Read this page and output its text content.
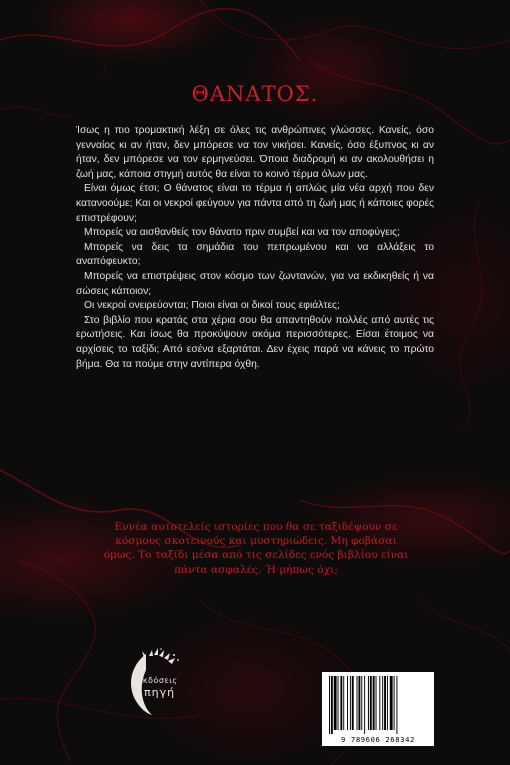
ΘΑΝΑΤΟΣ.

Ίσως η πιο τρομακτική λέξη σε όλες τις ανθρώπινες γλώσσες. Κανείς, όσο γενναίος κι αν ήταν, δεν μπόρεσε να τον νικήσει. Κανείς, όσο έξυπνος κι αν ήταν, δεν μπόρεσε να τον ερμηνεύσει. Όποια διαδρομή κι αν ακολουθήσει η ζωή μας, κάποια στιγμή αυτός θα είναι το κοινό τέρμα όλων μας.

Είναι όμως έτσι; Ο θάνατος είναι το τέρμα ή απλώς μία νέα αρχή που δεν κατανοούμε; Και οι νεκροί φεύγουν για πάντα από τη ζωή μας ή κάποιες φορές επιστρέφουν;

Μπορείς να αισθανθείς τον θάνατο πριν συμβεί και να τον αποφύγεις;

Μπορείς να δεις τα σημάδια του πεπρωμένου και να αλλάξεις το αναπόφευκτο;

Μπορείς να επιστρέψεις στον κόσμο των ζωντανών, για να εκδικηθείς ή να σώσεις κάποιον;

Οι νεκροί ονειρεύονται; Ποιοι είναι οι δικοί τους εφιάλτες;

Στο βιβλίο που κρατάς στα χέρια σου θα απαντηθούν πολλές από αυτές τις ερωτήσεις. Και ίσως θα προκύψουν ακόμα περισσότερες. Είσαι έτοιμος να αρχίσεις το ταξίδι; Από εσένα εξαρτάται. Δεν έχεις παρά να κάνεις το πρώτο βήμα. Θα τα πούμε στην αντίπερα όχθη.

Εννέα αυτοτελείς ιστορίες που θα σε ταξιδέψουν σε κόσμους σκοτεινούς και μυστηριώδεις. Μη φοβάσαι όμως. Το ταξίδι μέσα από τις σελίδες ενός βιβλίου είναι πάντα ασφαλές. Ή μήπως όχι;
εκδόσεις
πηγή
9 789606 268342
